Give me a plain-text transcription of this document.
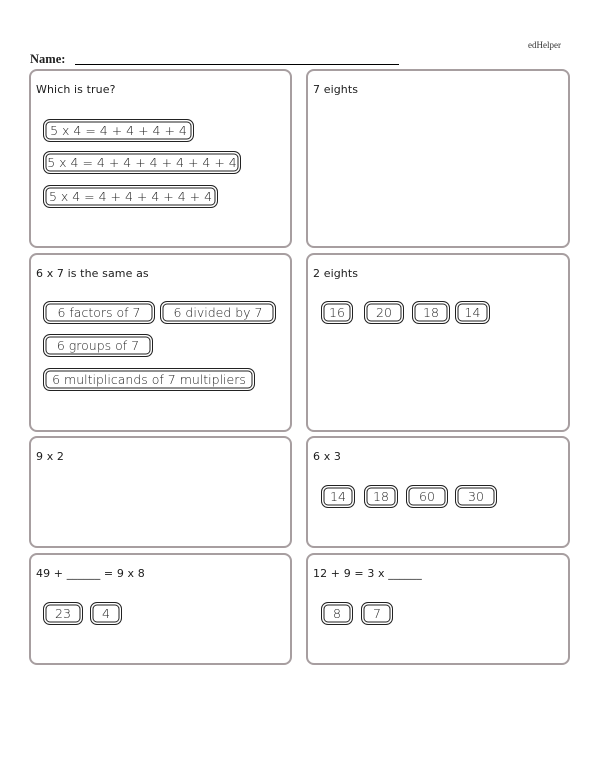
edHelper
Name:
Which is true?
5 x 4 = 4 + 4 + 4 + 4
5 x 4 = 4 + 4 + 4 + 4 + 4 + 4
5 x 4 = 4 + 4 + 4 + 4 + 4
7 eights
6 x 7 is the same as
6 factors of 7	6 divided by 7
6 groups of 7
6 multiplicands of 7 multipliers
2 eights
16	20	18	14
9 x 2	6 x 3
14	18	60	30
49 + ______ = 9 x 8
23	4
12 + 9 = 3 x ______
8	7
